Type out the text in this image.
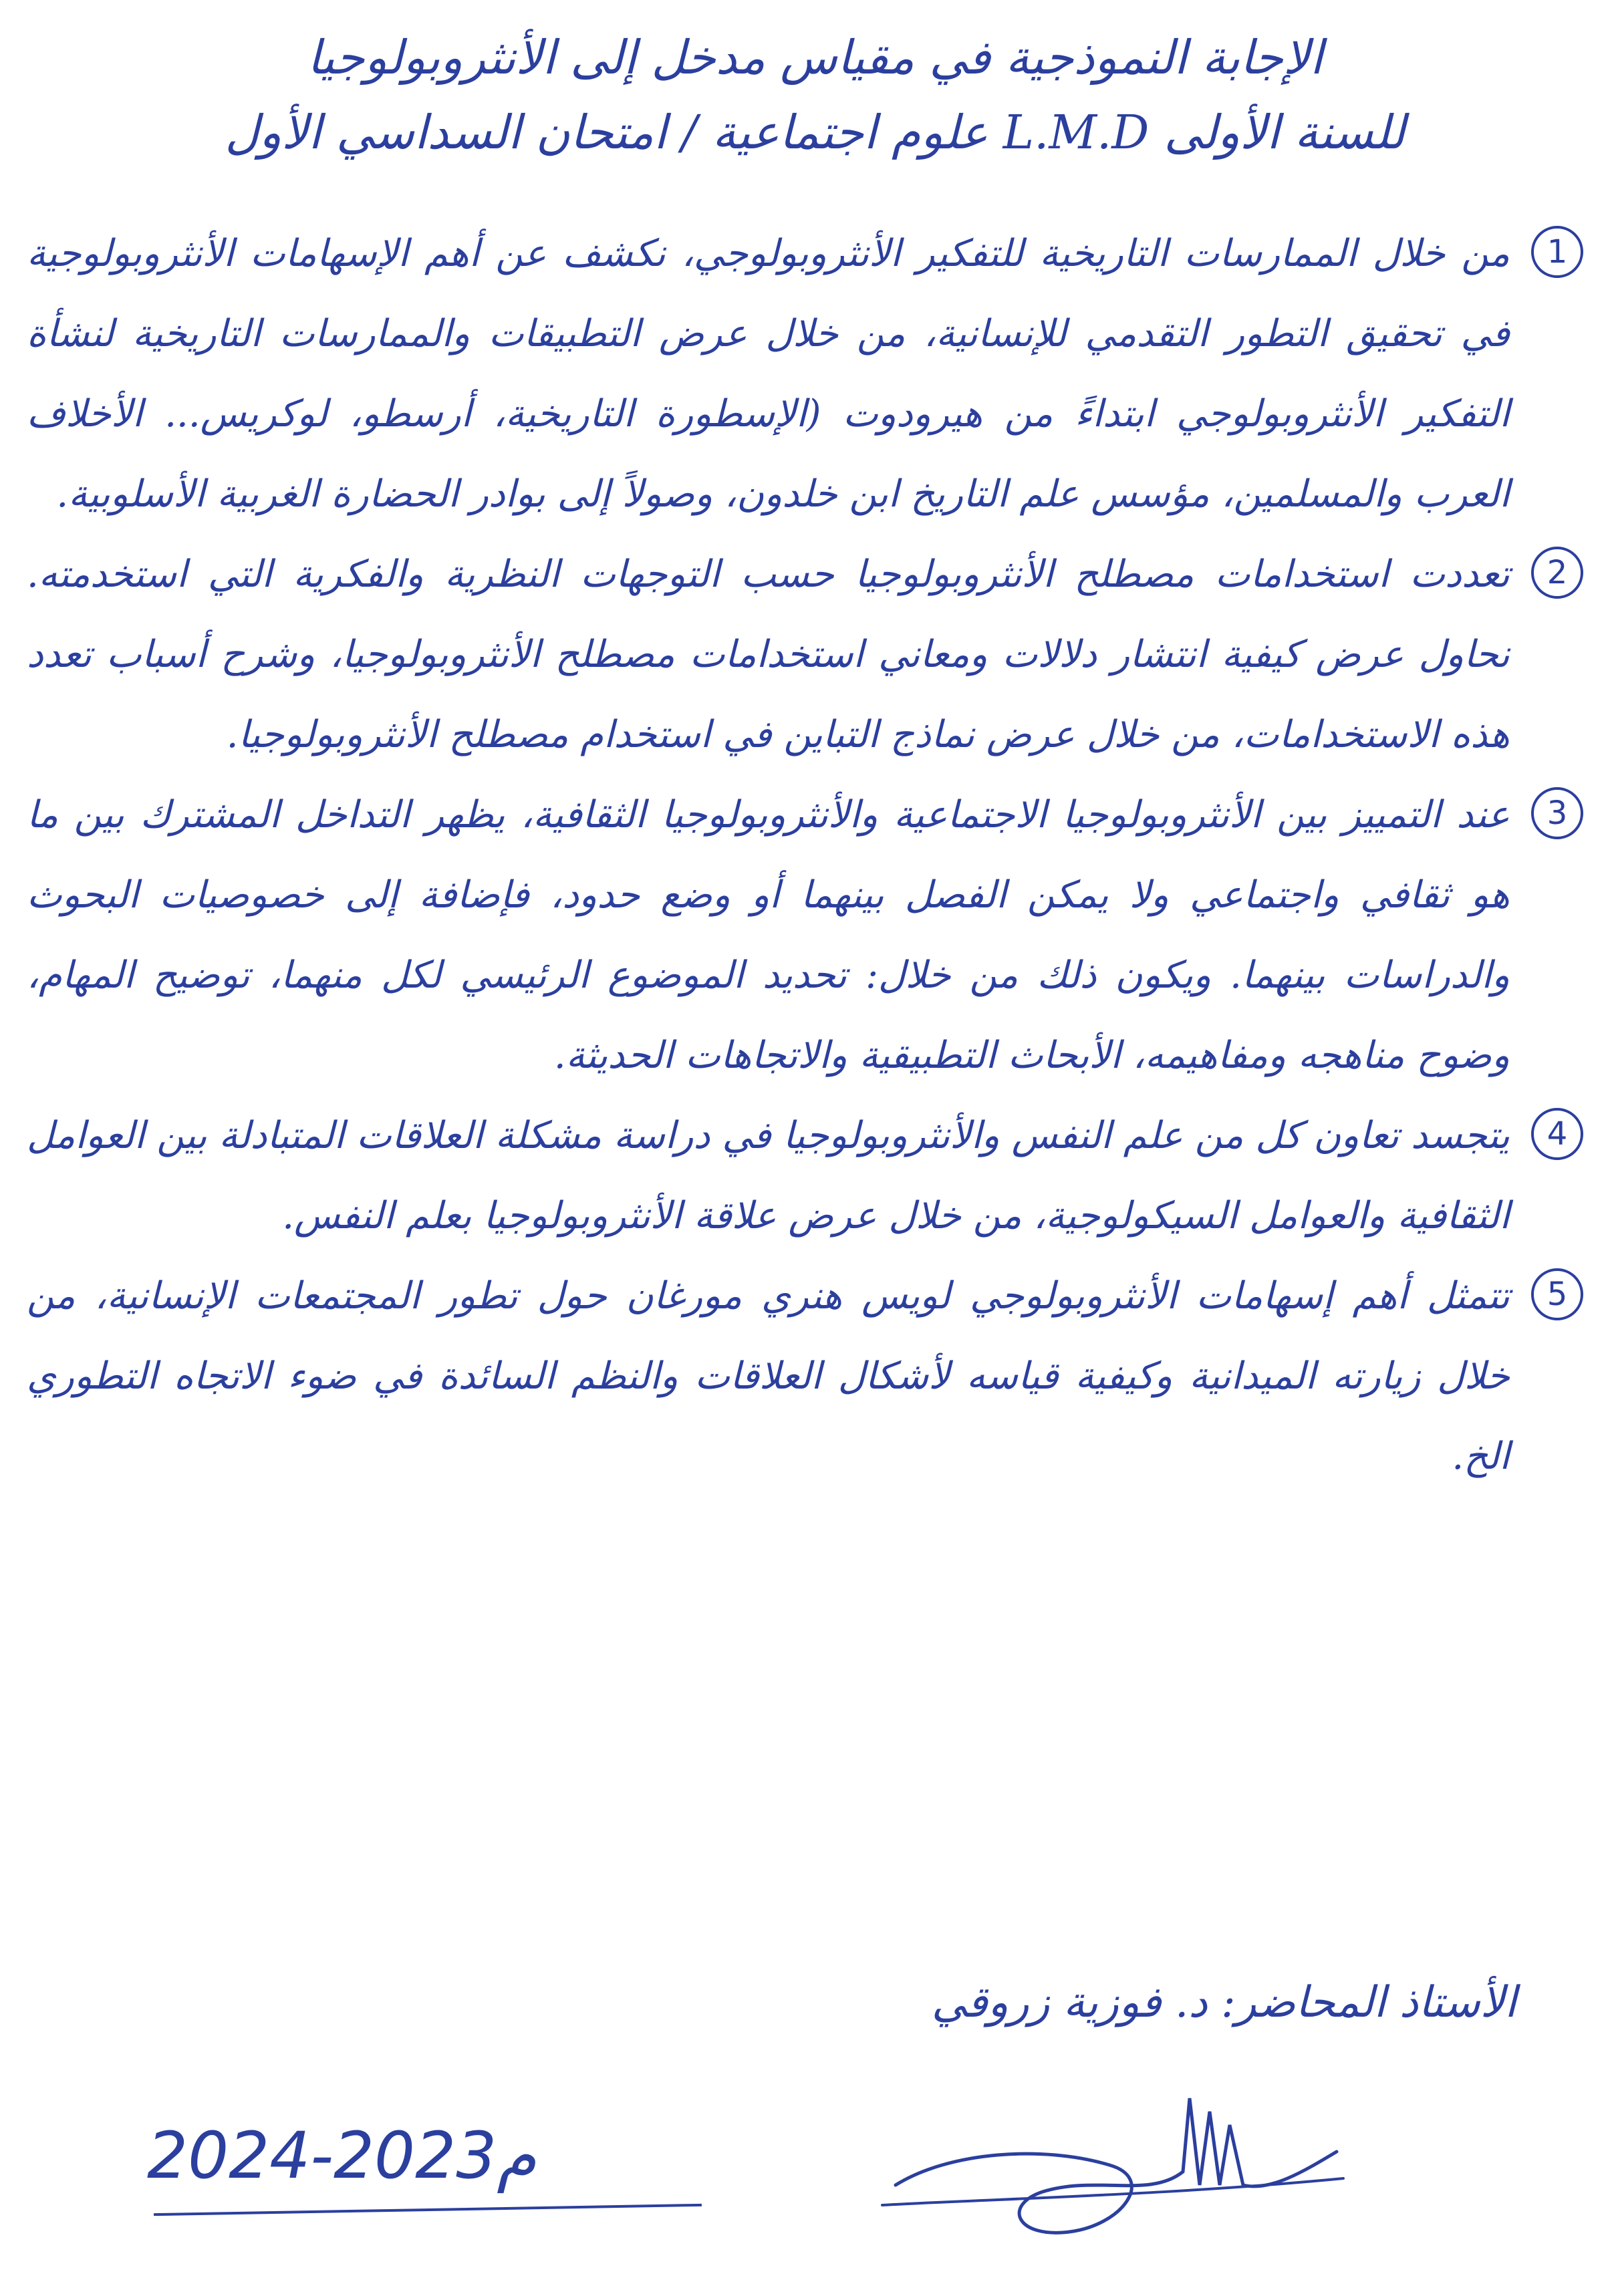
الإجابة النموذجية في مقياس مدخل إلى الأنثروبولوجيا
للسنة الأولى L.M.D علوم اجتماعية / امتحان السداسي الأول
1
من خلال الممارسات التاريخية للتفكير الأنثروبولوجي، نكشف عن أهم الإسهامات الأنثروبولوجية في تحقيق التطور التقدمي للإنسانية، من خلال عرض التطبيقات والممارسات التاريخية لنشأة التفكير الأنثروبولوجي ابتداءً من هيرودوت (الإسطورة التاريخية، أرسطو، لوكريس... الأخلاف العرب والمسلمين، مؤسس علم التاريخ ابن خلدون، وصولاً إلى بوادر الحضارة الغربية الأسلوبية.
2
تعددت استخدامات مصطلح الأنثروبولوجيا حسب التوجهات النظرية والفكرية التي استخدمته. نحاول عرض كيفية انتشار دلالات ومعاني استخدامات مصطلح الأنثروبولوجيا، وشرح أسباب تعدد هذه الاستخدامات، من خلال عرض نماذج التباين في استخدام مصطلح الأنثروبولوجيا.
3
عند التمييز بين الأنثروبولوجيا الاجتماعية والأنثروبولوجيا الثقافية، يظهر التداخل المشترك بين ما هو ثقافي واجتماعي ولا يمكن الفصل بينهما أو وضع حدود، فإضافة إلى خصوصيات البحوث والدراسات بينهما. ويكون ذلك من خلال: تحديد الموضوع الرئيسي لكل منهما، توضيح المهام، وضوح مناهجه ومفاهيمه، الأبحاث التطبيقية والاتجاهات الحديثة.
4
يتجسد تعاون كل من علم النفس والأنثروبولوجيا في دراسة مشكلة العلاقات المتبادلة بين العوامل الثقافية والعوامل السيكولوجية، من خلال عرض علاقة الأنثروبولوجيا بعلم النفس.
5
تتمثل أهم إسهامات الأنثروبولوجي لويس هنري مورغان حول تطور المجتمعات الإنسانية، من خلال زيارته الميدانية وكيفية قياسه لأشكال العلاقات والنظم السائدة في ضوء الاتجاه التطوري الخ.
الأستاذ المحاضر: د. فوزية زروقي
2024-2023م
